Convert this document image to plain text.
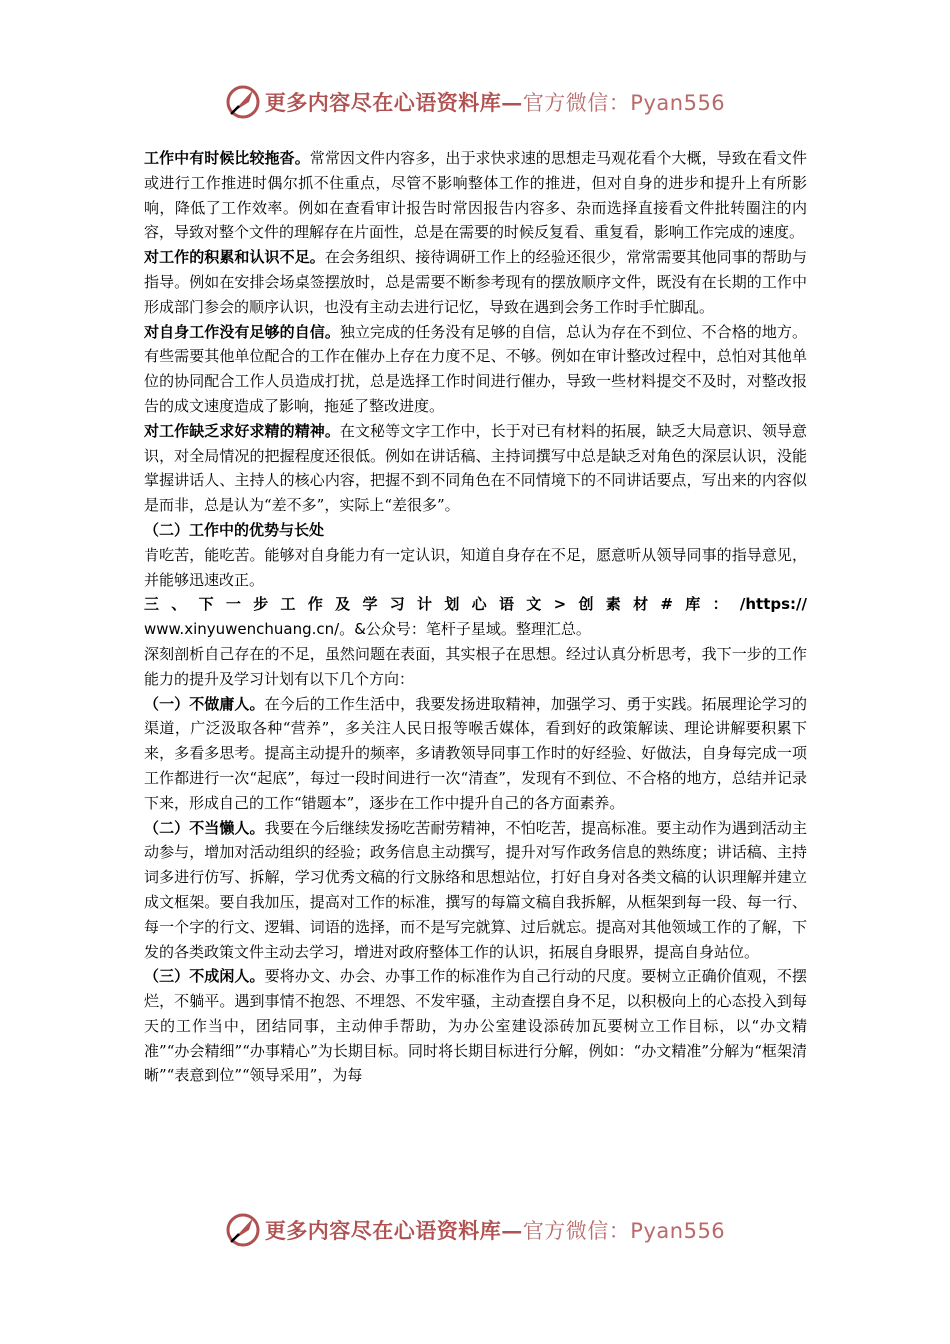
更多内容尽在心语资料库—官方微信：Pyan556

工作中有时候比较拖沓。常常因文件内容多，出于求快求速的思想走马观花看个大概，导致在看文件或进行工作推进时偶尔抓不住重点，尽管不影响整体工作的推进，但对自身的进步和提升上有所影响，降低了工作效率。例如在查看审计报告时常因报告内容多、杂而选择直接看文件批转圈注的内容，导致对整个文件的理解存在片面性，总是在需要的时候反复看、重复看，影响工作完成的速度。

对工作的积累和认识不足。在会务组织、接待调研工作上的经验还很少，常常需要其他同事的帮助与指导。例如在安排会场桌签摆放时，总是需要不断参考现有的摆放顺序文件，既没有在长期的工作中形成部门参会的顺序认识，也没有主动去进行记忆，导致在遇到会务工作时手忙脚乱。

对自身工作没有足够的自信。独立完成的任务没有足够的自信，总认为存在不到位、不合格的地方。有些需要其他单位配合的工作在催办上存在力度不足、不够。例如在审计整改过程中，总怕对其他单位的协同配合工作人员造成打扰，总是选择工作时间进行催办，导致一些材料提交不及时，对整改报告的成文速度造成了影响，拖延了整改进度。

对工作缺乏求好求精的精神。在文秘等文字工作中，长于对已有材料的拓展，缺乏大局意识、领导意识，对全局情况的把握程度还很低。例如在讲话稿、主持词撰写中总是缺乏对角色的深层认识，没能掌握讲话人、主持人的核心内容，把握不到不同角色在不同情境下的不同讲话要点，写出来的内容似是而非，总是认为“差不多”，实际上“差很多”。

（二）工作中的优势与长处

肯吃苦，能吃苦。能够对自身能力有一定认识，知道自身存在不足，愿意听从领导同事的指导意见，并能够迅速改正。

三、下一步工作及学习计划心语文>创素材#库：/https://

www.xinyuwenchuang.cn/。&公众号：笔杆子星域。整理汇总。

深刻剖析自己存在的不足，虽然问题在表面，其实根子在思想。经过认真分析思考，我下一步的工作能力的提升及学习计划有以下几个方向：

（一）不做庸人。在今后的工作生活中，我要发扬进取精神，加强学习、勇于实践。拓展理论学习的渠道，广泛汲取各种“营养”，多关注人民日报等喉舌媒体，看到好的政策解读、理论讲解要积累下来，多看多思考。提高主动提升的频率，多请教领导同事工作时的好经验、好做法，自身每完成一项工作都进行一次“起底”，每过一段时间进行一次“清查”，发现有不到位、不合格的地方，总结并记录下来，形成自己的工作“错题本”，逐步在工作中提升自己的各方面素养。

（二）不当懒人。我要在今后继续发扬吃苦耐劳精神，不怕吃苦，提高标准。要主动作为遇到活动主动参与，增加对活动组织的经验；政务信息主动撰写，提升对写作政务信息的熟练度；讲话稿、主持词多进行仿写、拆解，学习优秀文稿的行文脉络和思想站位，打好自身对各类文稿的认识理解并建立成文框架。要自我加压，提高对工作的标准，撰写的每篇文稿自我拆解，从框架到每一段、每一行、每一个字的行文、逻辑、词语的选择，而不是写完就算、过后就忘。提高对其他领域工作的了解，下发的各类政策文件主动去学习，增进对政府整体工作的认识，拓展自身眼界，提高自身站位。

（三）不成闲人。要将办文、办会、办事工作的标准作为自己行动的尺度。要树立正确价值观，不摆烂，不躺平。遇到事情不抱怨、不埋怨、不发牢骚，主动查摆自身不足，以积极向上的心态投入到每天的工作当中，团结同事，主动伸手帮助，为办公室建设添砖加瓦要树立工作目标，以“办文精准”“办会精细”“办事精心”为长期目标。同时将长期目标进行分解，例如：“办文精准”分解为“框架清晰”“表意到位”“领导采用”，为每

更多内容尽在心语资料库—官方微信：Pyan556
